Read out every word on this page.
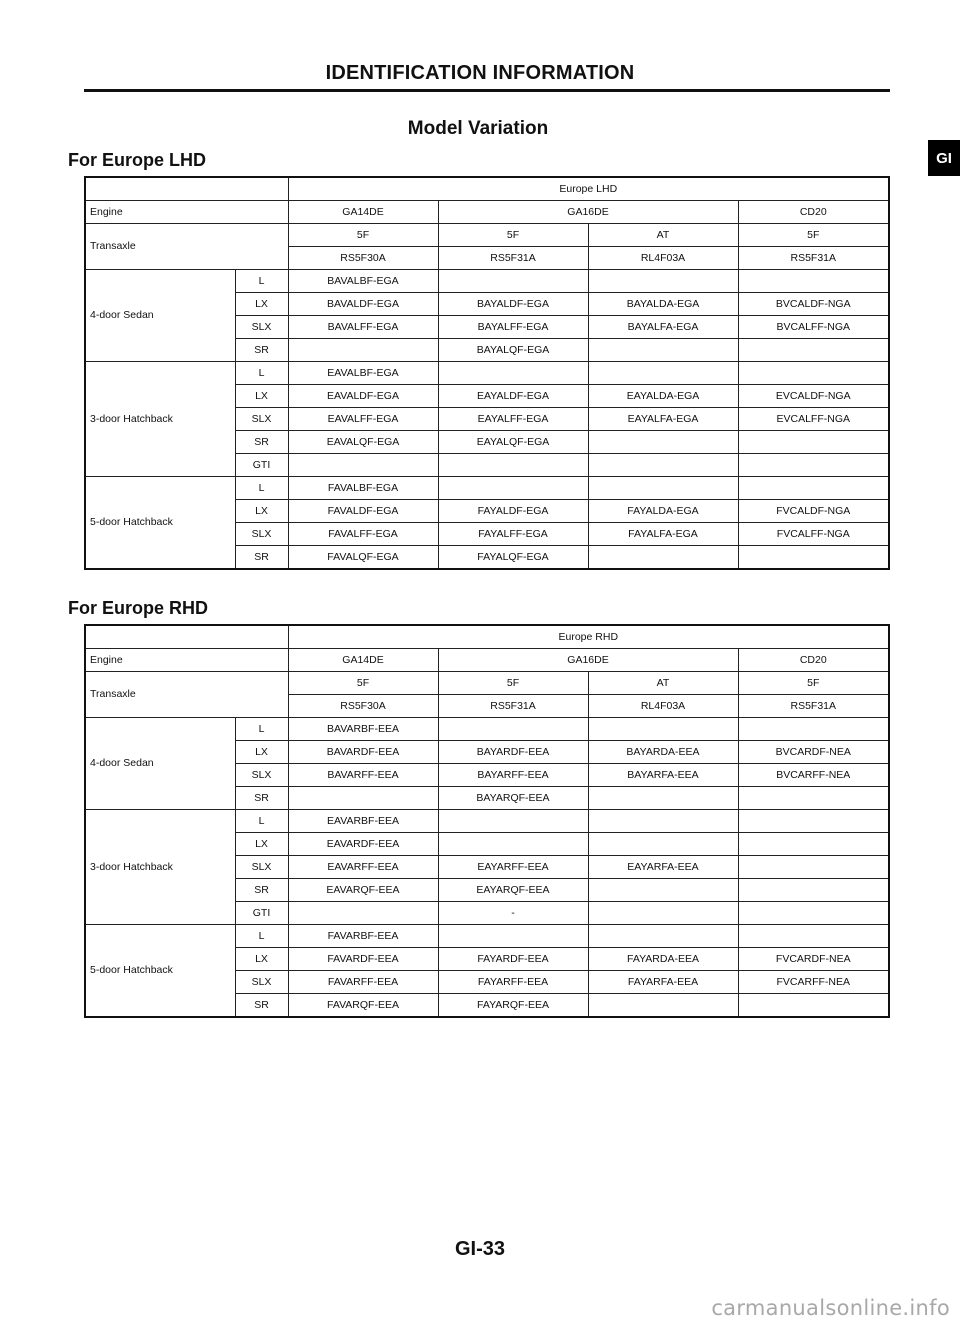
IDENTIFICATION INFORMATION
Model Variation
GI
For Europe LHD
		Europe LHD			
Engine		GA14DE	GA16DE		CD20
Transaxle		5F	5F	AT	5F
		RS5F30A	RS5F31A	RL4F03A	RS5F31A
4-door Sedan	L	BAVALBF-EGA			
	LX	BAVALDF-EGA	BAYALDF-EGA	BAYALDA-EGA	BVCALDF-NGA
	SLX	BAVALFF-EGA	BAYALFF-EGA	BAYALFA-EGA	BVCALFF-NGA
	SR		BAYALQF-EGA		
3-door Hatchback	L	EAVALBF-EGA			
	LX	EAVALDF-EGA	EAYALDF-EGA	EAYALDA-EGA	EVCALDF-NGA
	SLX	EAVALFF-EGA	EAYALFF-EGA	EAYALFA-EGA	EVCALFF-NGA
	SR	EAVALQF-EGA	EAYALQF-EGA		
	GTI				
5-door Hatchback	L	FAVALBF-EGA			
	LX	FAVALDF-EGA	FAYALDF-EGA	FAYALDA-EGA	FVCALDF-NGA
	SLX	FAVALFF-EGA	FAYALFF-EGA	FAYALFA-EGA	FVCALFF-NGA
	SR	FAVALQF-EGA	FAYALQF-EGA		
For Europe RHD
		Europe RHD			
Engine		GA14DE	GA16DE		CD20
Transaxle		5F	5F	AT	5F
		RS5F30A	RS5F31A	RL4F03A	RS5F31A
4-door Sedan	L	BAVARBF-EEA			
	LX	BAVARDF-EEA	BAYARDF-EEA	BAYARDA-EEA	BVCARDF-NEA
	SLX	BAVARFF-EEA	BAYARFF-EEA	BAYARFA-EEA	BVCARFF-NEA
	SR		BAYARQF-EEA		
3-door Hatchback	L	EAVARBF-EEA			
	LX	EAVARDF-EEA			
	SLX	EAVARFF-EEA	EAYARFF-EEA	EAYARFA-EEA	
	SR	EAVARQF-EEA	EAYARQF-EEA		
	GTI		-		
5-door Hatchback	L	FAVARBF-EEA			
	LX	FAVARDF-EEA	FAYARDF-EEA	FAYARDA-EEA	FVCARDF-NEA
	SLX	FAVARFF-EEA	FAYARFF-EEA	FAYARFA-EEA	FVCARFF-NEA
	SR	FAVARQF-EEA	FAYARQF-EEA		
GI-33
carmanualsonline.info
